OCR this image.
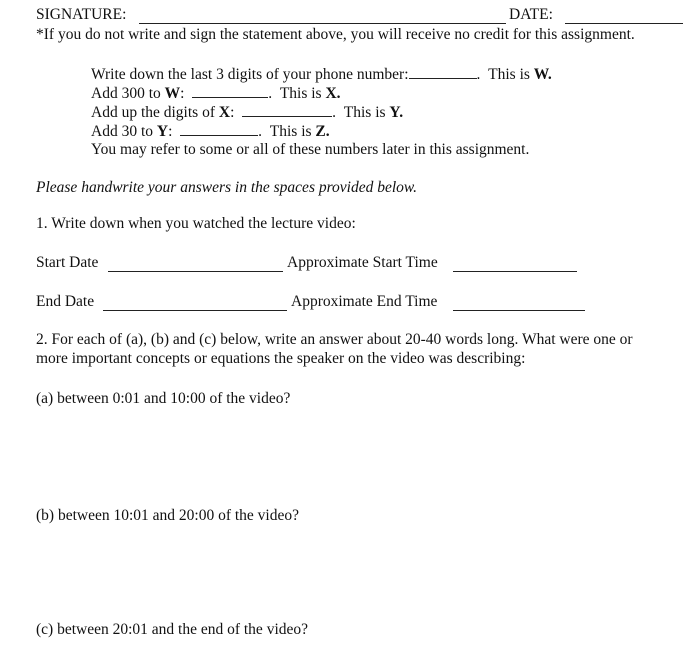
SIGNATURE:	DATE:
*If you do not write and sign the statement above, you will receive no credit for this assignment.
Write down the last 3 digits of your phone number:	.  This is W.
Add 300 to W:	.  This is X.
Add up the digits of X:	.  This is Y.
Add 30 to Y:	.  This is Z.
You may refer to some or all of these numbers later in this assignment.
Please handwrite your answers in the spaces provided below.
1. Write down when you watched the lecture video:
Start Date	Approximate Start Time
End Date	Approximate End Time
2. For each of (a), (b) and (c) below, write an answer about 20-40 words long. What were one or
more important concepts or equations the speaker on the video was describing:
(a) between 0:01 and 10:00 of the video?
(b) between 10:01 and 20:00 of the video?
(c) between 20:01 and the end of the video?
